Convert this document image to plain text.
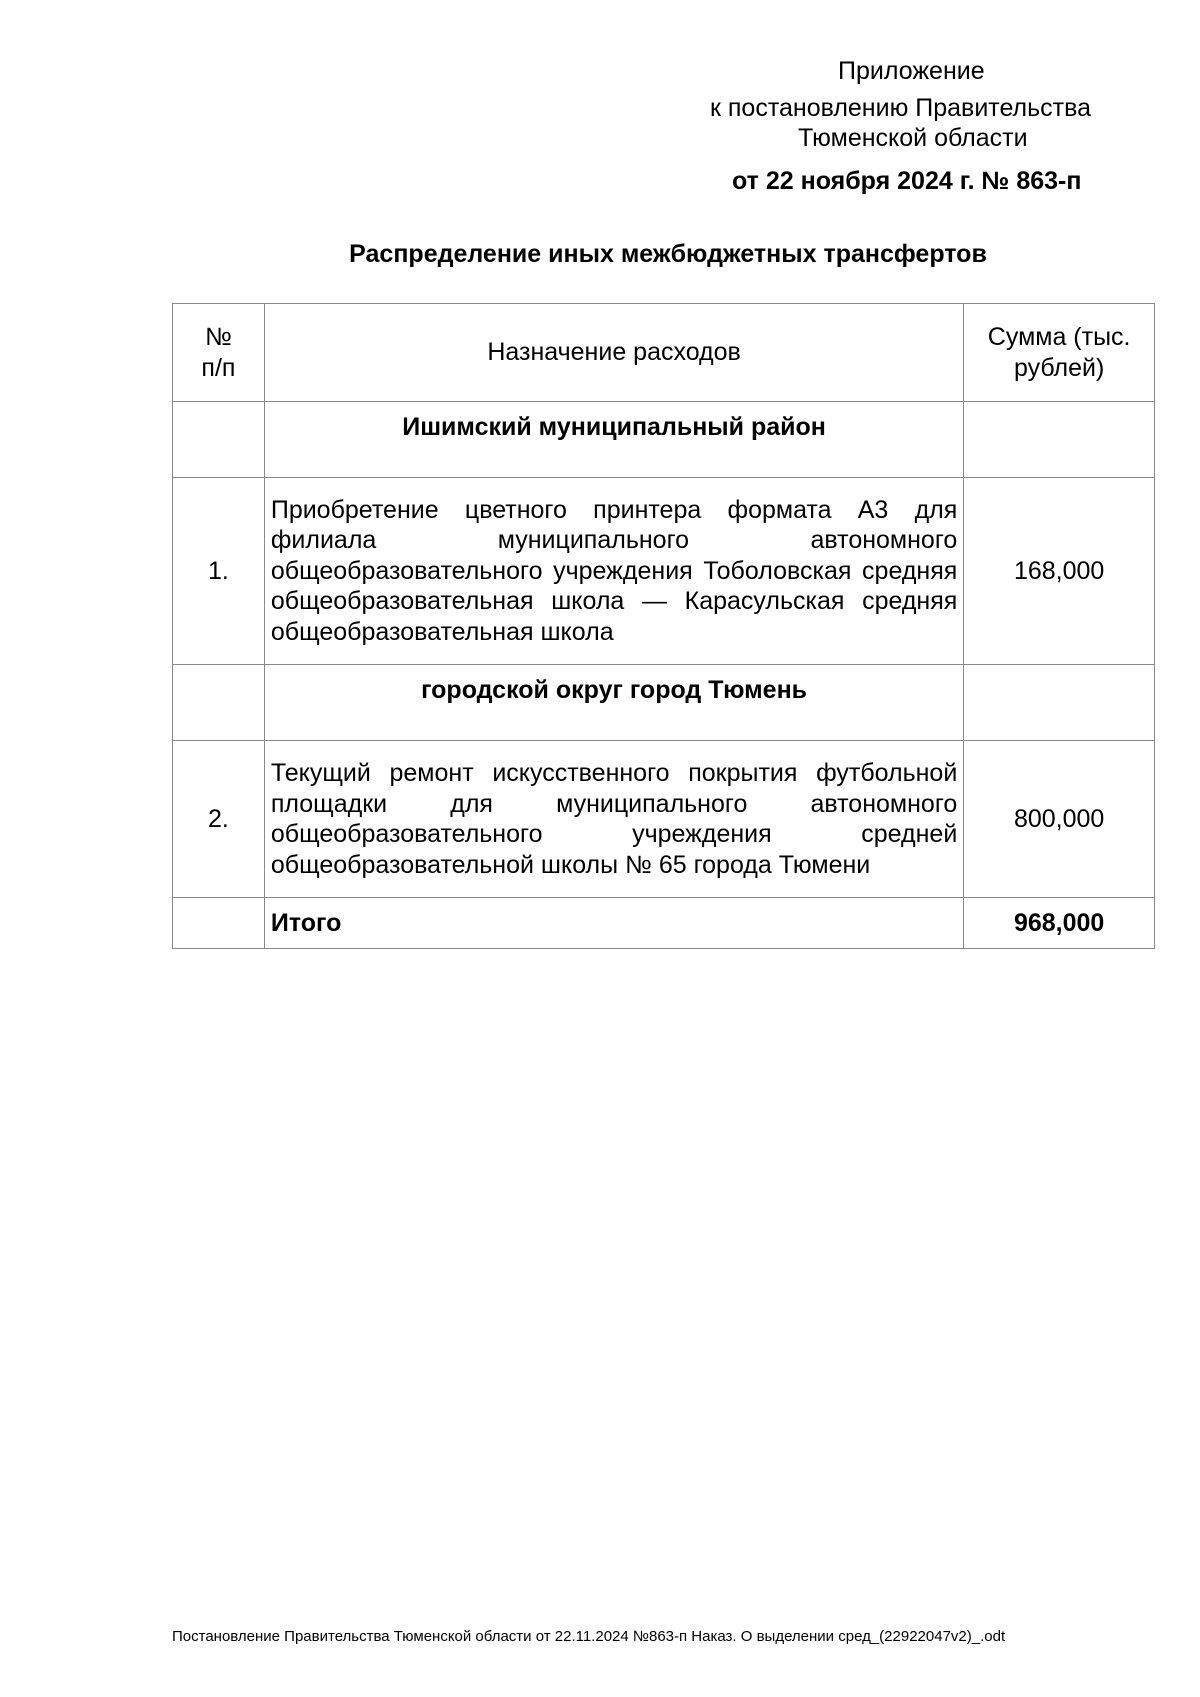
Приложение
к постановлению Правительства
Тюменской области
от 22 ноября 2024 г. № 863-п
Распределение иных межбюджетных трансфертов
№ п/п	Назначение расходов	Сумма (тыс. рублей)
	Ишимский муниципальный район	
1.	Приобретение цветного принтера формата А3 для филиала муниципального автономного общеобразовательного учреждения Тоболовская средняя общеобразовательная школа — Карасульская средняя общеобразовательная школа	168,000
	городской округ город Тюмень	
2.	Текущий ремонт искусственного покрытия футбольной площадки для муниципального автономного общеобразовательного учреждения средней общеобразовательной школы № 65 города Тюмени	800,000
	Итого	968,000
Постановление Правительства Тюменской области от 22.11.2024 №863-п Наказ. О выделении сред_(22922047v2)_.odt
